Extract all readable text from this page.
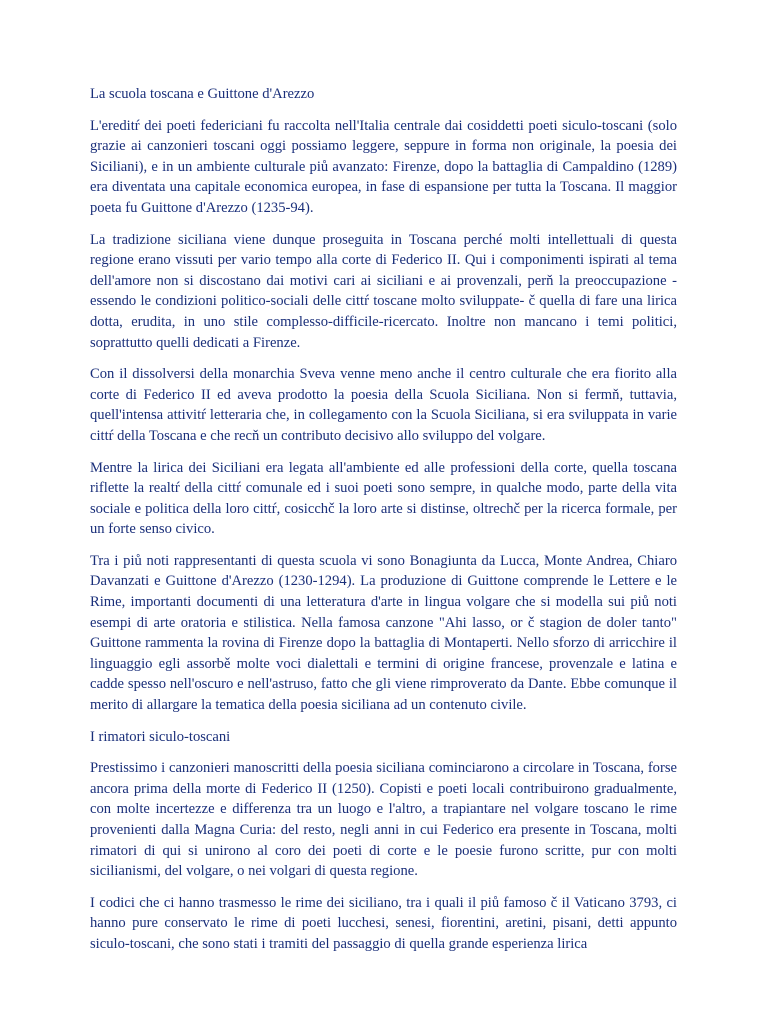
La scuola toscana e Guittone d'Arezzo

L'ereditŕ dei poeti federiciani fu raccolta nell'Italia centrale dai cosiddetti poeti siculo-toscani (solo grazie ai canzonieri toscani oggi possiamo leggere, seppure in forma non originale, la poesia dei Siciliani), e in un ambiente culturale piů avanzato: Firenze, dopo la battaglia di Campaldino (1289) era diventata una capitale economica europea, in fase di espansione per tutta la Toscana. Il maggior poeta fu Guittone d'Arezzo (1235-94).

La tradizione siciliana viene dunque proseguita in Toscana perché molti intellettuali di questa regione erano vissuti per vario tempo alla corte di Federico II. Qui i componimenti ispirati al tema dell'amore non si discostano dai motivi cari ai siciliani e ai provenzali, perň la preoccupazione -essendo le condizioni politico-sociali delle cittŕ toscane molto sviluppate- č quella di fare una lirica dotta, erudita, in uno stile complesso-difficile-ricercato. Inoltre non mancano i temi politici, soprattutto quelli dedicati a Firenze.

Con il dissolversi della monarchia Sveva venne meno anche il centro culturale che era fiorito alla corte di Federico II ed aveva prodotto la poesia della Scuola Siciliana. Non si fermň, tuttavia, quell'intensa attivitŕ letteraria che, in collegamento con la Scuola Siciliana, si era sviluppata in varie cittŕ della Toscana e che recň un contributo decisivo allo sviluppo del volgare.

Mentre la lirica dei Siciliani era legata all'ambiente ed alle professioni della corte, quella toscana riflette la realtŕ della cittŕ comunale ed i suoi poeti sono sempre, in qualche modo, parte della vita sociale e politica della loro cittŕ, cosicchč la loro arte si distinse, oltrechč per la ricerca formale, per un forte senso civico.

Tra i piů noti rappresentanti di questa scuola vi sono Bonagiunta da Lucca, Monte Andrea, Chiaro Davanzati e Guittone d'Arezzo (1230-1294). La produzione di Guittone comprende le Lettere e le Rime, importanti documenti di una letteratura d'arte in lingua volgare che si modella sui piů noti esempi di arte oratoria e stilistica. Nella famosa canzone "Ahi lasso, or č stagion de doler tanto" Guittone rammenta la rovina di Firenze dopo la battaglia di Montaperti. Nello sforzo di arricchire il linguaggio egli assorbě molte voci dialettali e termini di origine francese, provenzale e latina e cadde spesso nell'oscuro e nell'astruso, fatto che gli viene rimproverato da Dante. Ebbe comunque il merito di allargare la tematica della poesia siciliana ad un contenuto civile.

I rimatori siculo-toscani

Prestissimo i canzonieri manoscritti della poesia siciliana cominciarono a circolare in Toscana, forse ancora prima della morte di Federico II (1250). Copisti e poeti locali contribuirono gradualmente, con molte incertezze e differenza tra un luogo e l'altro, a trapiantare nel volgare toscano le rime provenienti dalla Magna Curia: del resto, negli anni in cui Federico era presente in Toscana, molti rimatori di qui si unirono al coro dei poeti di corte e le poesie furono scritte, pur con molti sicilianismi, del volgare, o nei volgari di questa regione.

I codici che ci hanno trasmesso le rime dei siciliano, tra i quali il piů famoso č il Vaticano 3793, ci hanno pure conservato le rime di poeti lucchesi, senesi, fiorentini, aretini, pisani, detti appunto siculo-toscani, che sono stati i tramiti del passaggio di quella grande esperienza lirica
